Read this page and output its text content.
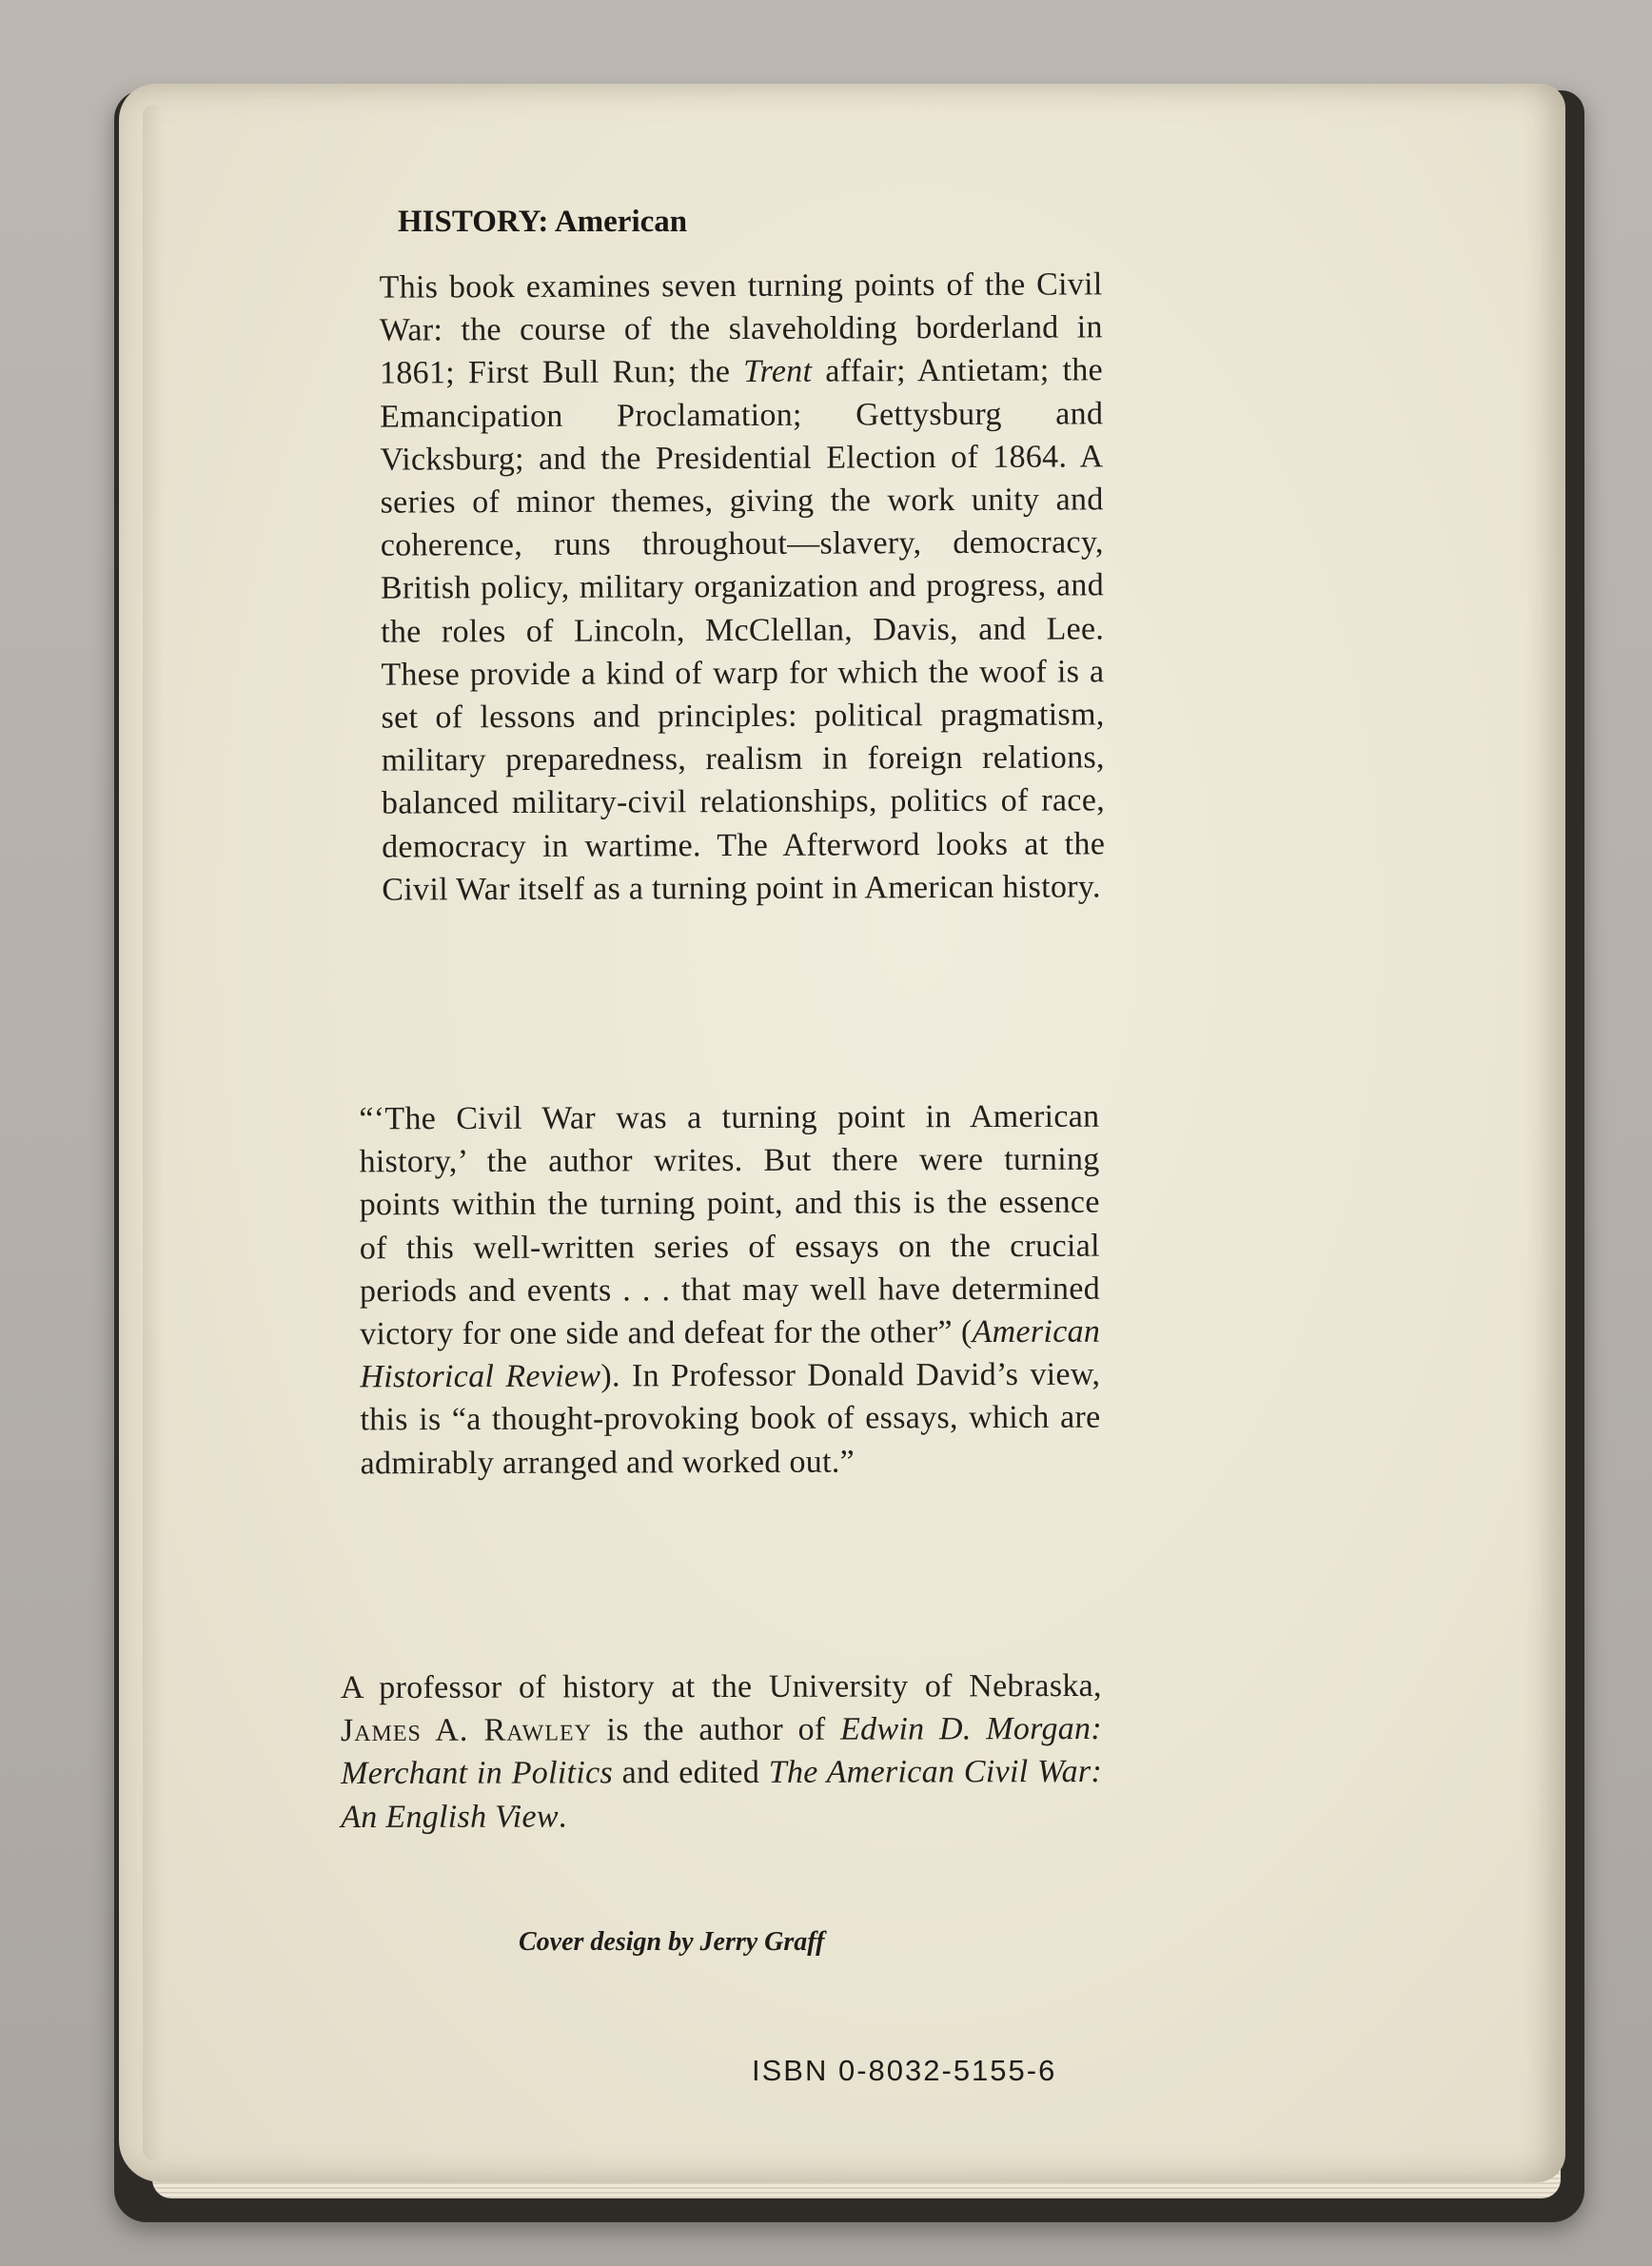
HISTORY: American
This book examines seven turning points of the Civil War: the course of the slaveholding borderland in 1861; First Bull Run; the Trent affair; Antietam; the Emancipation Proclamation; Gettysburg and Vicksburg; and the Presidential Election of 1864. A series of minor themes, giving the work unity and coherence, runs throughout—slavery, democracy, British policy, military organization and progress, and the roles of Lincoln, McClellan, Davis, and Lee. These provide a kind of warp for which the woof is a set of lessons and principles: political pragmatism, military preparedness, realism in foreign relations, balanced military-civil relationships, politics of race, democracy in wartime. The Afterword looks at the Civil War itself as a turning point in American history.
“‘The Civil War was a turning point in American history,’ the author writes. But there were turning points within the turning point, and this is the essence of this well-written series of essays on the crucial periods and events . . . that may well have determined victory for one side and defeat for the other” (American Historical Review). In Professor Donald David’s view, this is “a thought-provoking book of essays, which are admirably arranged and worked out.”
A professor of history at the University of Nebraska, James A. Rawley is the author of Edwin D. Morgan: Merchant in Politics and edited The American Civil War: An English View.
Cover design by Jerry Graff
ISBN 0-8032-5155-6
